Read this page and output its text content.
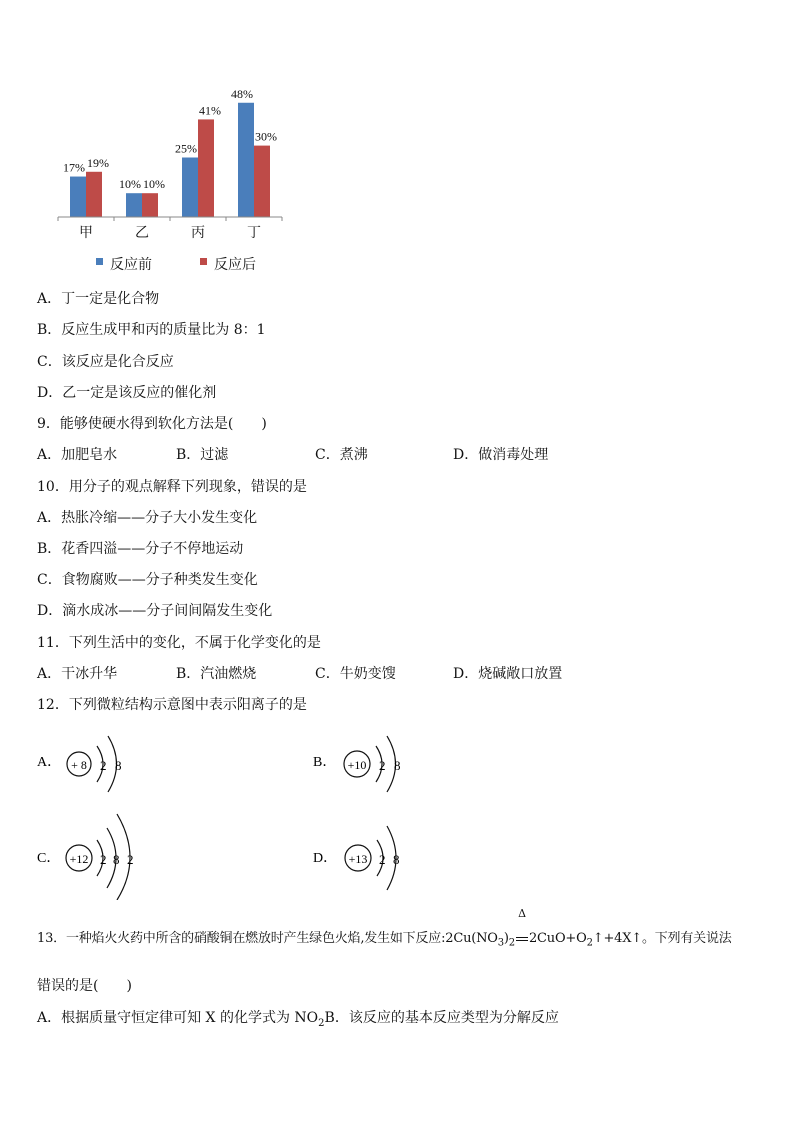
17% 19%
10% 10%
25%
41%
48%
30%
甲	乙	丙	丁
反应前	反应后
A．丁一定是化合物
B．反应生成甲和丙的质量比为 8：1
C．该反应是化合反应
D．乙一定是该反应的催化剂
9．能够使硬水得到软化方法是(　　)
A．加肥皂水	B．过滤	C．煮沸	D．做消毒处理
10．用分子的观点解释下列现象，错误的是
A．热胀冷缩——分子大小发生变化
B．花香四溢——分子不停地运动
C．食物腐败——分子种类发生变化
D．滴水成冰——分子间间隔发生变化
11．下列生活中的变化，不属于化学变化的是
A．干冰升华	B．汽油燃烧	C．牛奶变馊	D．烧碱敞口放置
12．下列微粒结构示意图中表示阳离子的是
A． + 8 2 8	B． +10 2 8
C． +12 2 8 2	D． +13 2 8
13．一种焰火火药中所含的硝酸铜在燃放时产生绿色火焰,发生如下反应$:2Cu(NO_3)_2$
Δ
$2CuO+O_2↑+4X↑$。下列有关说法
错误的是(　　)
A．根据质量守恒定律可知 X 的化学式为 $NO_2B$．该反应的基本反应类型为分解反应
